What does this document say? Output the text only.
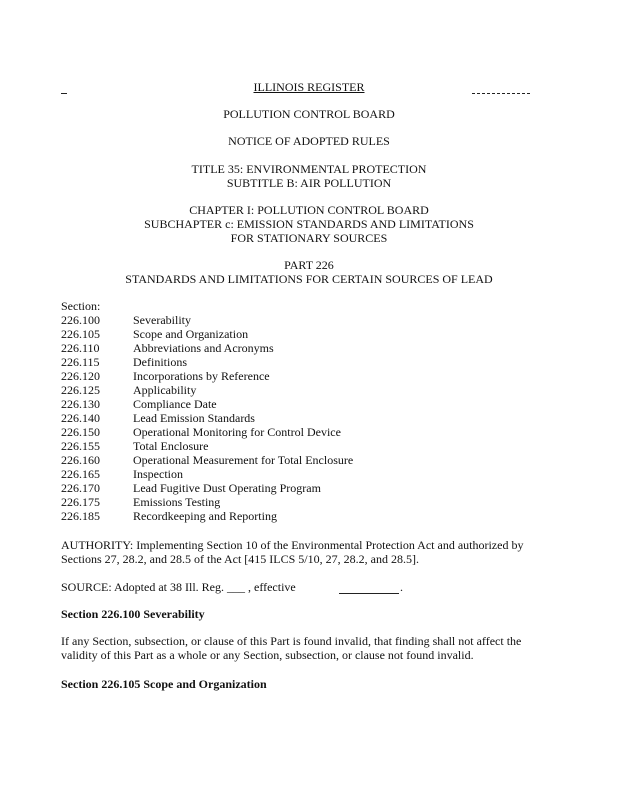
ILLINOIS REGISTER
POLLUTION CONTROL BOARD
NOTICE OF ADOPTED RULES
TITLE 35: ENVIRONMENTAL PROTECTION
SUBTITLE B: AIR POLLUTION
CHAPTER I: POLLUTION CONTROL BOARD
SUBCHAPTER c: EMISSION STANDARDS AND LIMITATIONS
FOR STATIONARY SOURCES
PART 226
STANDARDS AND LIMITATIONS FOR CERTAIN SOURCES OF LEAD
Section:
226.100	Severability
226.105	Scope and Organization
226.110	Abbreviations and Acronyms
226.115	Definitions
226.120	Incorporations by Reference
226.125	Applicability
226.130	Compliance Date
226.140	Lead Emission Standards
226.150	Operational Monitoring for Control Device
226.155	Total Enclosure
226.160	Operational Measurement for Total Enclosure
226.165	Inspection
226.170	Lead Fugitive Dust Operating Program
226.175	Emissions Testing
226.185	Recordkeeping and Reporting
AUTHORITY: Implementing Section 10 of the Environmental Protection Act and authorized by
Sections 27, 28.2, and 28.5 of the Act [415 ILCS 5/10, 27, 28.2, and 28.5].
SOURCE: Adopted at 38 Ill. Reg. ___ , effective	.
Section 226.100 Severability
If any Section, subsection, or clause of this Part is found invalid, that finding shall not affect the
validity of this Part as a whole or any Section, subsection, or clause not found invalid.
Section 226.105 Scope and Organization
